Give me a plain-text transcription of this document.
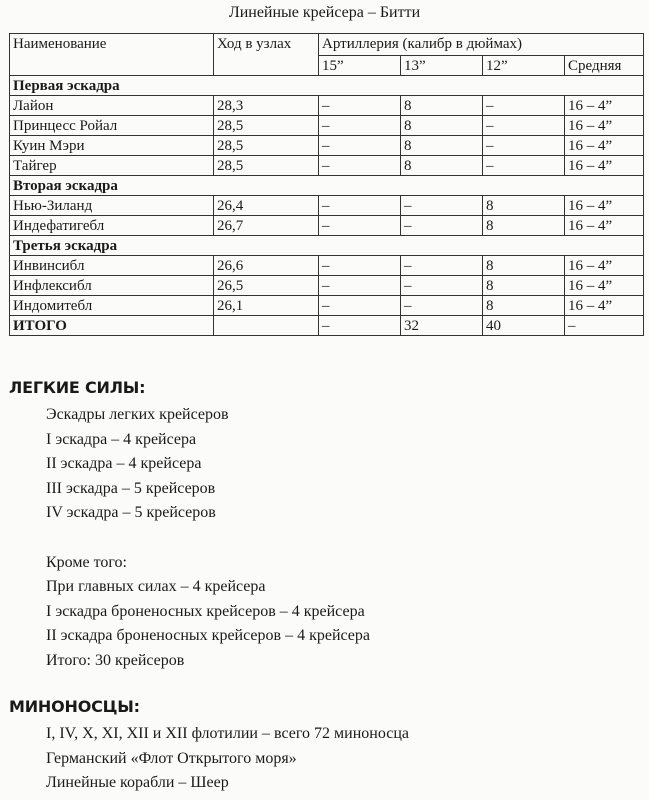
Линейные крейсера – Битти
Наименование	Ход в узлах	Артиллерия (калибр в дюймах)			
		15”	13”	12”	Средняя
Первая эскадра					
Лайон	28,3	–	8	–	16 – 4”
Принцесс Ройал	28,5	–	8	–	16 – 4”
Куин Мэри	28,5	–	8	–	16 – 4”
Тайгер	28,5	–	8	–	16 – 4”
Вторая эскадра					
Нью-Зиланд	26,4	–	–	8	16 – 4”
Индефатигебл	26,7	–	–	8	16 – 4”
Третья эскадра					
Инвинсибл	26,6	–	–	8	16 – 4”
Инфлексибл	26,5	–	–	8	16 – 4”
Индомитебл	26,1	–	–	8	16 – 4”
ИТОГО		–	32	40	–
ЛЕГКИЕ СИЛЫ:
Эскадры легких крейсеров
I эскадра – 4 крейсера
II эскадра – 4 крейсера
III эскадра – 5 крейсеров
IV эскадра – 5 крейсеров
Кроме того:
При главных силах – 4 крейсера
I эскадра броненосных крейсеров – 4 крейсера
II эскадра броненосных крейсеров – 4 крейсера
Итого: 30 крейсеров
МИНОНОСЦЫ:
I, IV, X, XI, XII и XII флотилии – всего 72 миноносца
Германский «Флот Открытого моря»
Линейные корабли – Шеер
